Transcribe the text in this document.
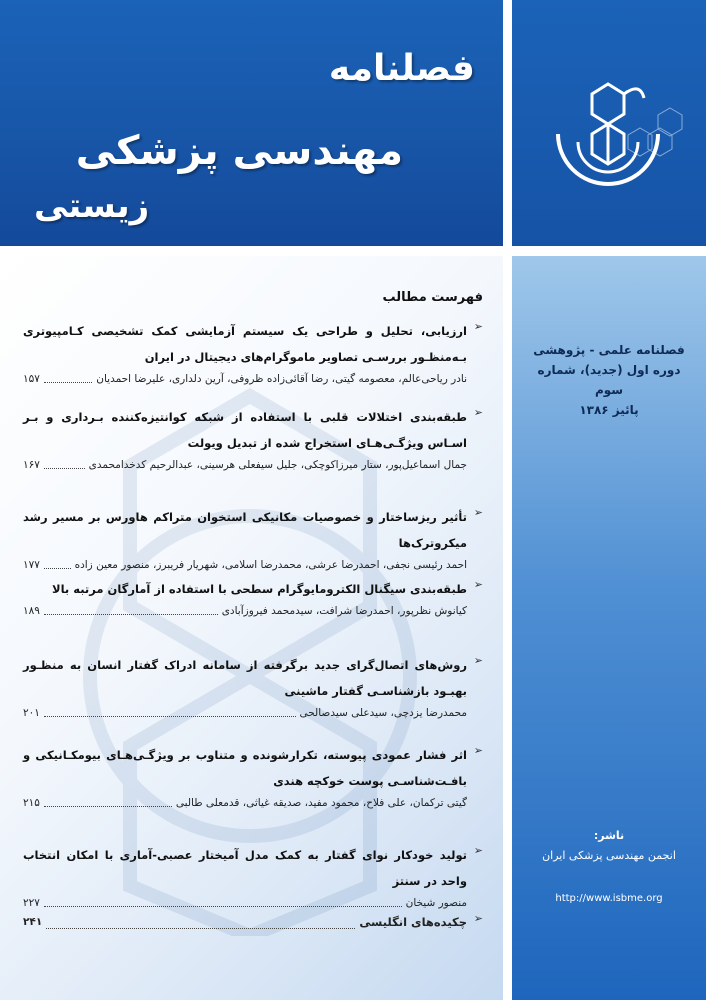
فصلنامه
مهندسی پزشکی
زیستی
فهرست مطالب
➢
ارزیابی، تحلیل و طراحی یک سیستم آزمایشی کمک تشخیصی کـامپیوتری بـه‌منظـور بررسـی تصاویر ماموگرام‌های دیجیتال در ایران
نادر ریاحی‌عالم، معصومه گیتی، رضا آقائی‌زاده ظروفی، آرین دلداری، علیرضا احمدیان
۱۵۷
➢
طبقه‌بندی اختلالات قلبی با استفاده از شبکه کوانتیزه‌کننده بـرداری و بـر اسـاس ویژگـی‌هـای استخراج شده از تبدیل ویولت
جمال اسماعیل‌پور، ستار میرزاکوچکی، جلیل سیفعلی هرسینی، عبدالرحیم کدخدامحمدی
۱۶۷
➢
تأثیر ریزساختار و خصوصیات مکانیکی استخوان متراکم هاورس بر مسیر رشد میکروترک‌ها
احمد رئیسی نجفی، احمدرضا عرشی، محمدرضا اسلامی، شهریار فریبرز، منصور معین زاده
۱۷۷
➢
طبقه‌بندی سیگنال الکترومایوگرام سطحی با استفاده از آمارگان مرتبه بالا
کیانوش نظرپور، احمدرضا شرافت، سیدمحمد فیروزآبادی
۱۸۹
➢
روش‌های اتصال‌گرای جدید برگرفته از سامانه ادراک گفتار انسان به منظـور بهبـود بازشناسـی گفتار ماشینی
محمدرضا یزدچی، سیدعلی سیدصالحی
۲۰۱
➢
اثر فشار عمودی پیوسته، تکرارشونده و متناوب بر ویژگـی‌هـای بیومکـانیکی و بافـت‌شناسـی پوست خوکچه هندی
گیتی ترکمان، علی فلاح، محمود مفید، صدیقه غیاثی، قدمعلی طالبی
۲۱۵
➢
تولید خودکار نوای گفتار به کمک مدل آمیختار عصبی-آماری با امکان انتخاب واحد در سنتز
منصور شیخان
۲۲۷
➢
چکیده‌های انگلیسی
۲۴۱
فصلنامه علمی - پژوهشی
دوره اول (جدید)، شماره سوم
پائیز ۱۳۸۶
ناشر:
انجمن مهندسی پزشکی ایران
http://www.isbme.org
